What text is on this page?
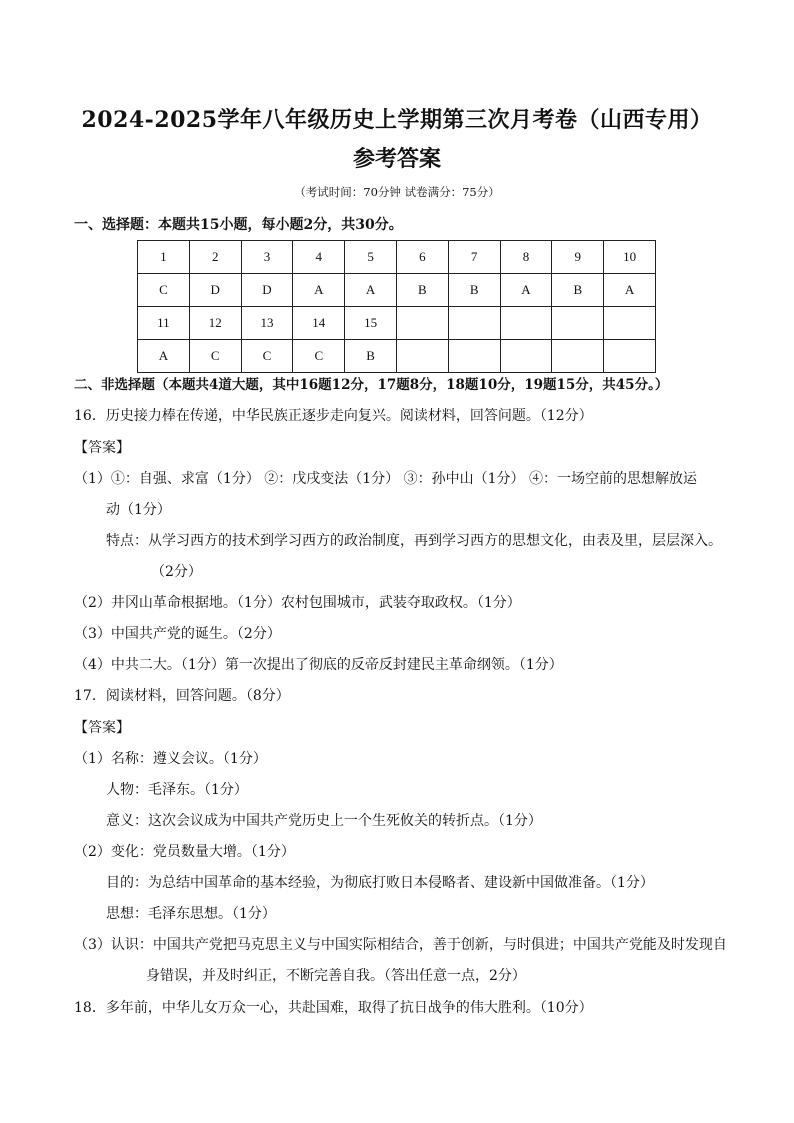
2024-2025学年八年级历史上学期第三次月考卷（山西专用）
参考答案
（考试时间：70分钟 试卷满分：75分）
一、选择题：本题共15小题，每小题2分，共30分。
1	2	3	4	5	6	7	8	9	10
C	D	D	A	A	B	B	A	B	A
11	12	13	14	15					
A	C	C	C	B					
二、非选择题（本题共4道大题，其中16题12分，17题8分，18题10分，19题15分，共45分。）
16．历史接力棒在传递，中华民族正逐步走向复兴。阅读材料，回答问题。（12分）
【答案】
（1）①：自强、求富（1分） ②：戊戌变法（1分） ③：孙中山（1分） ④：一场空前的思想解放运
动（1分）
特点：从学习西方的技术到学习西方的政治制度，再到学习西方的思想文化，由表及里，层层深入。
（2分）
（2）井冈山革命根据地。（1分）农村包围城市，武装夺取政权。（1分）
（3）中国共产党的诞生。（2分）
（4）中共二大。（1分）第一次提出了彻底的反帝反封建民主革命纲领。（1分）
17．阅读材料，回答问题。（8分）
【答案】
（1）名称：遵义会议。（1分）
人物：毛泽东。（1分）
意义：这次会议成为中国共产党历史上一个生死攸关的转折点。（1分）
（2）变化：党员数量大增。（1分）
目的：为总结中国革命的基本经验，为彻底打败日本侵略者、建设新中国做准备。（1分）
思想：毛泽东思想。（1分）
（3）认识：中国共产党把马克思主义与中国实际相结合，善于创新，与时俱进；中国共产党能及时发现自
身错误，并及时纠正，不断完善自我。（答出任意一点，2分）
18．多年前，中华儿女万众一心，共赴国难，取得了抗日战争的伟大胜利。（10分）
